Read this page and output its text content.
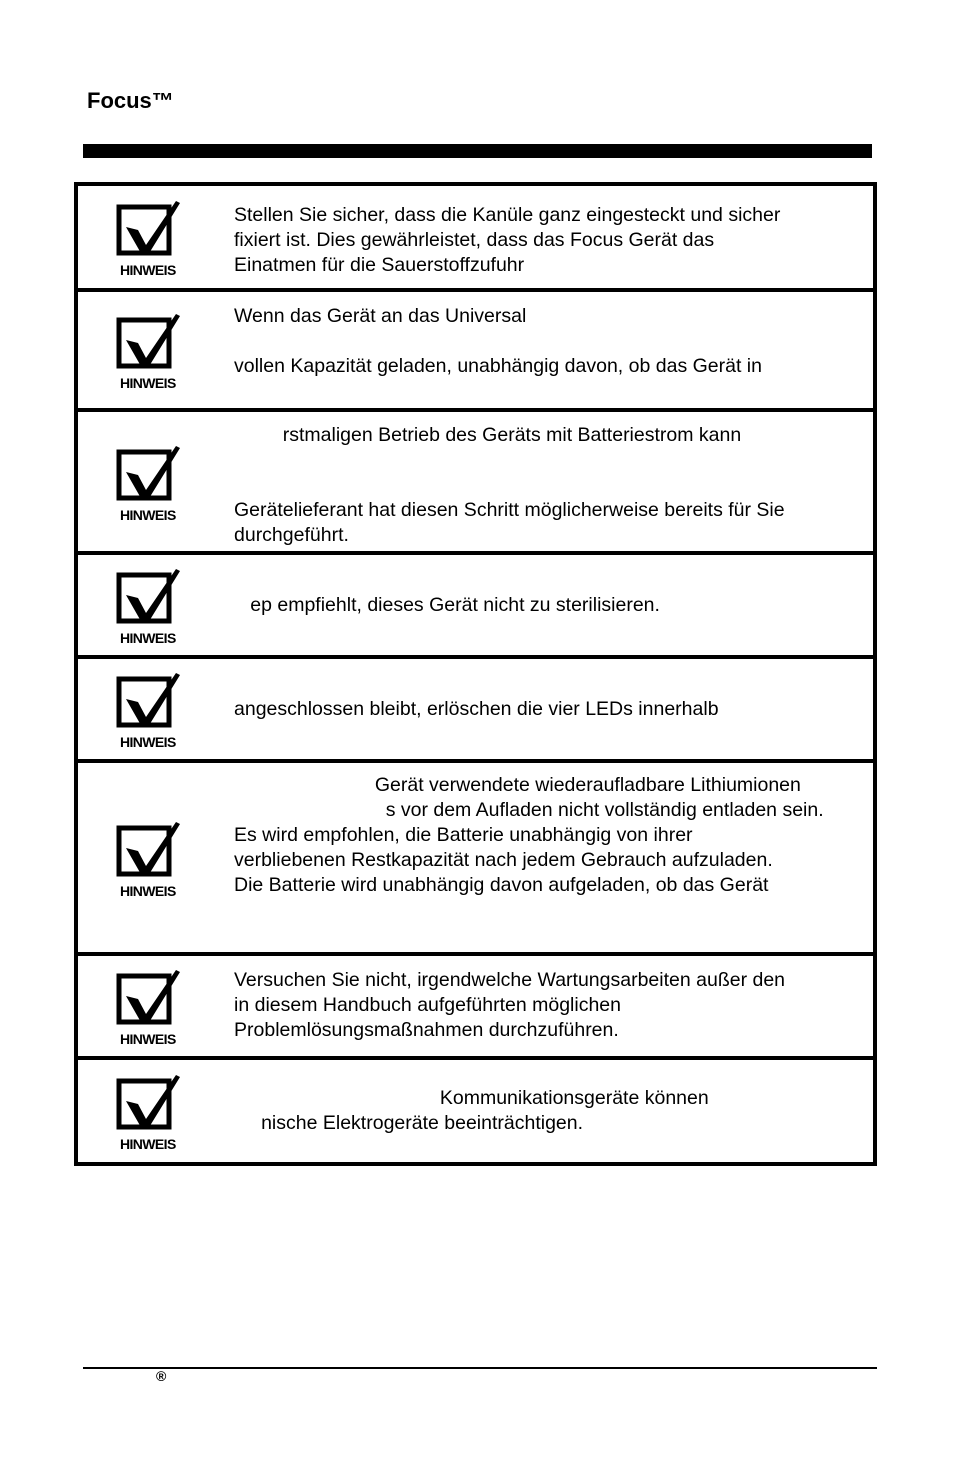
Focus™
HINWEIS
Stellen Sie sicher, dass die Kanüle ganz eingesteckt und sicher
fixiert ist. Dies gewährleistet, dass das Focus Gerät das
Einatmen für die Sauerstoffzufuhr
HINWEIS
Wenn das Gerät an das Universal
vollen Kapazität geladen, unabhängig davon, ob das Gerät in
HINWEIS
rstmaligen Betrieb des Geräts mit Batteriestrom kann
Gerätelieferant hat diesen Schritt möglicherweise bereits für Sie
durchgeführt.
HINWEIS
ep empfiehlt, dieses Gerät nicht zu sterilisieren.
HINWEIS
angeschlossen bleibt, erlöschen die vier LEDs innerhalb
HINWEIS
Gerät verwendete wiederaufladbare Lithiumionen
s vor dem Aufladen nicht vollständig entladen sein.
Es wird empfohlen, die Batterie unabhängig von ihrer
verbliebenen Restkapazität nach jedem Gebrauch aufzuladen.
Die Batterie wird unabhängig davon aufgeladen, ob das Gerät
HINWEIS
Versuchen Sie nicht, irgendwelche Wartungsarbeiten außer den
in diesem Handbuch aufgeführten möglichen
Problemlösungsmaßnahmen durchzuführen.
HINWEIS
Kommunikationsgeräte können
nische Elektrogeräte beeinträchtigen.
®
